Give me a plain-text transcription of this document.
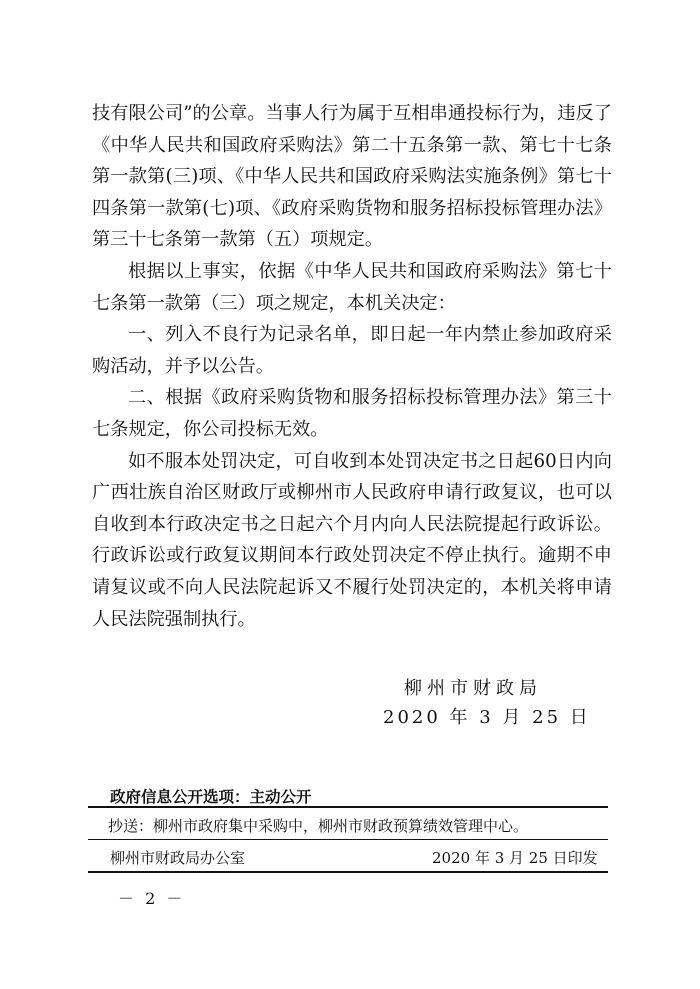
技有限公司”的公章。当事人行为属于互相串通投标行为，违反了《中华人民共和国政府采购法》第二十五条第一款、第七十七条第一款第(三)项、《中华人民共和国政府采购法实施条例》第七十四条第一款第(七)项、《政府采购货物和服务招标投标管理办法》第三十七条第一款第（五）项规定。

根据以上事实，依据《中华人民共和国政府采购法》第七十七条第一款第（三）项之规定，本机关决定：

一、列入不良行为记录名单，即日起一年内禁止参加政府采购活动，并予以公告。

二、根据《政府采购货物和服务招标投标管理办法》第三十七条规定，你公司投标无效。

如不服本处罚决定，可自收到本处罚决定书之日起60日内向广西壮族自治区财政厅或柳州市人民政府申请行政复议，也可以自收到本行政决定书之日起六个月内向人民法院提起行政诉讼。行政诉讼或行政复议期间本行政处罚决定不停止执行。逾期不申请复议或不向人民法院起诉又不履行处罚决定的，本机关将申请人民法院强制执行。

柳州市财政局
2020 年 3 月 25 日
政府信息公开选项：主动公开
抄送：柳州市政府集中采购中，柳州市财政预算绩效管理中心。
柳州市财政局办公室	2020 年 3 月 25 日印发
－ 2 －
